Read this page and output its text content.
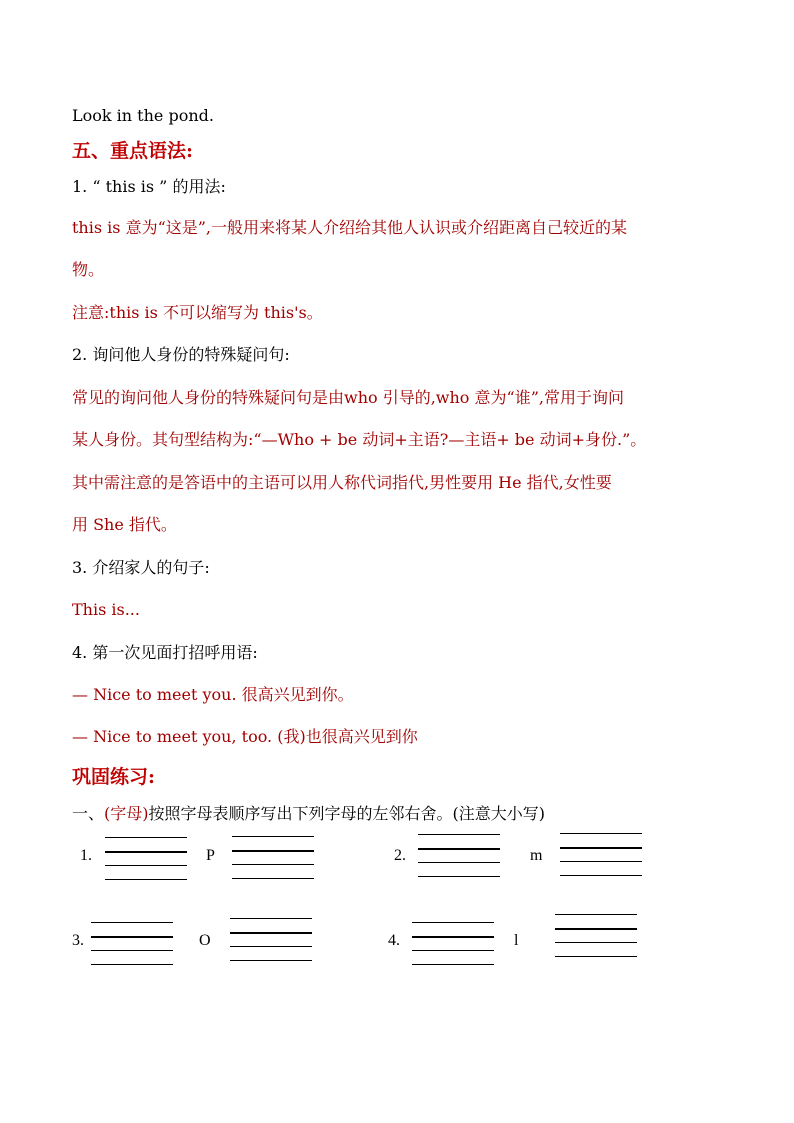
Look in the pond.
五、重点语法:
1. “ this is ” 的用法:
this is 意为“这是”,一般用来将某人介绍给其他人认识或介绍距离自己较近的某
物。
注意:this is 不可以缩写为 this's。
2. 询问他人身份的特殊疑问句:
常见的询问他人身份的特殊疑问句是由who 引导的,who 意为“谁”,常用于询问
某人身份。其句型结构为:“—Who + be 动词+主语?—主语+ be 动词+身份.”。
其中需注意的是答语中的主语可以用人称代词指代,男性要用 He 指代,女性要
用 She 指代。
3. 介绍家人的句子:
This is...
4. 第一次见面打招呼用语:
— Nice to meet you. 很高兴见到你。
— Nice to meet you, too. (我)也很高兴见到你
巩固练习:
一、(字母)按照字母表顺序写出下列字母的左邻右舍。(注意大小写)
1.	P	2.	m
3.	O	4.	l
